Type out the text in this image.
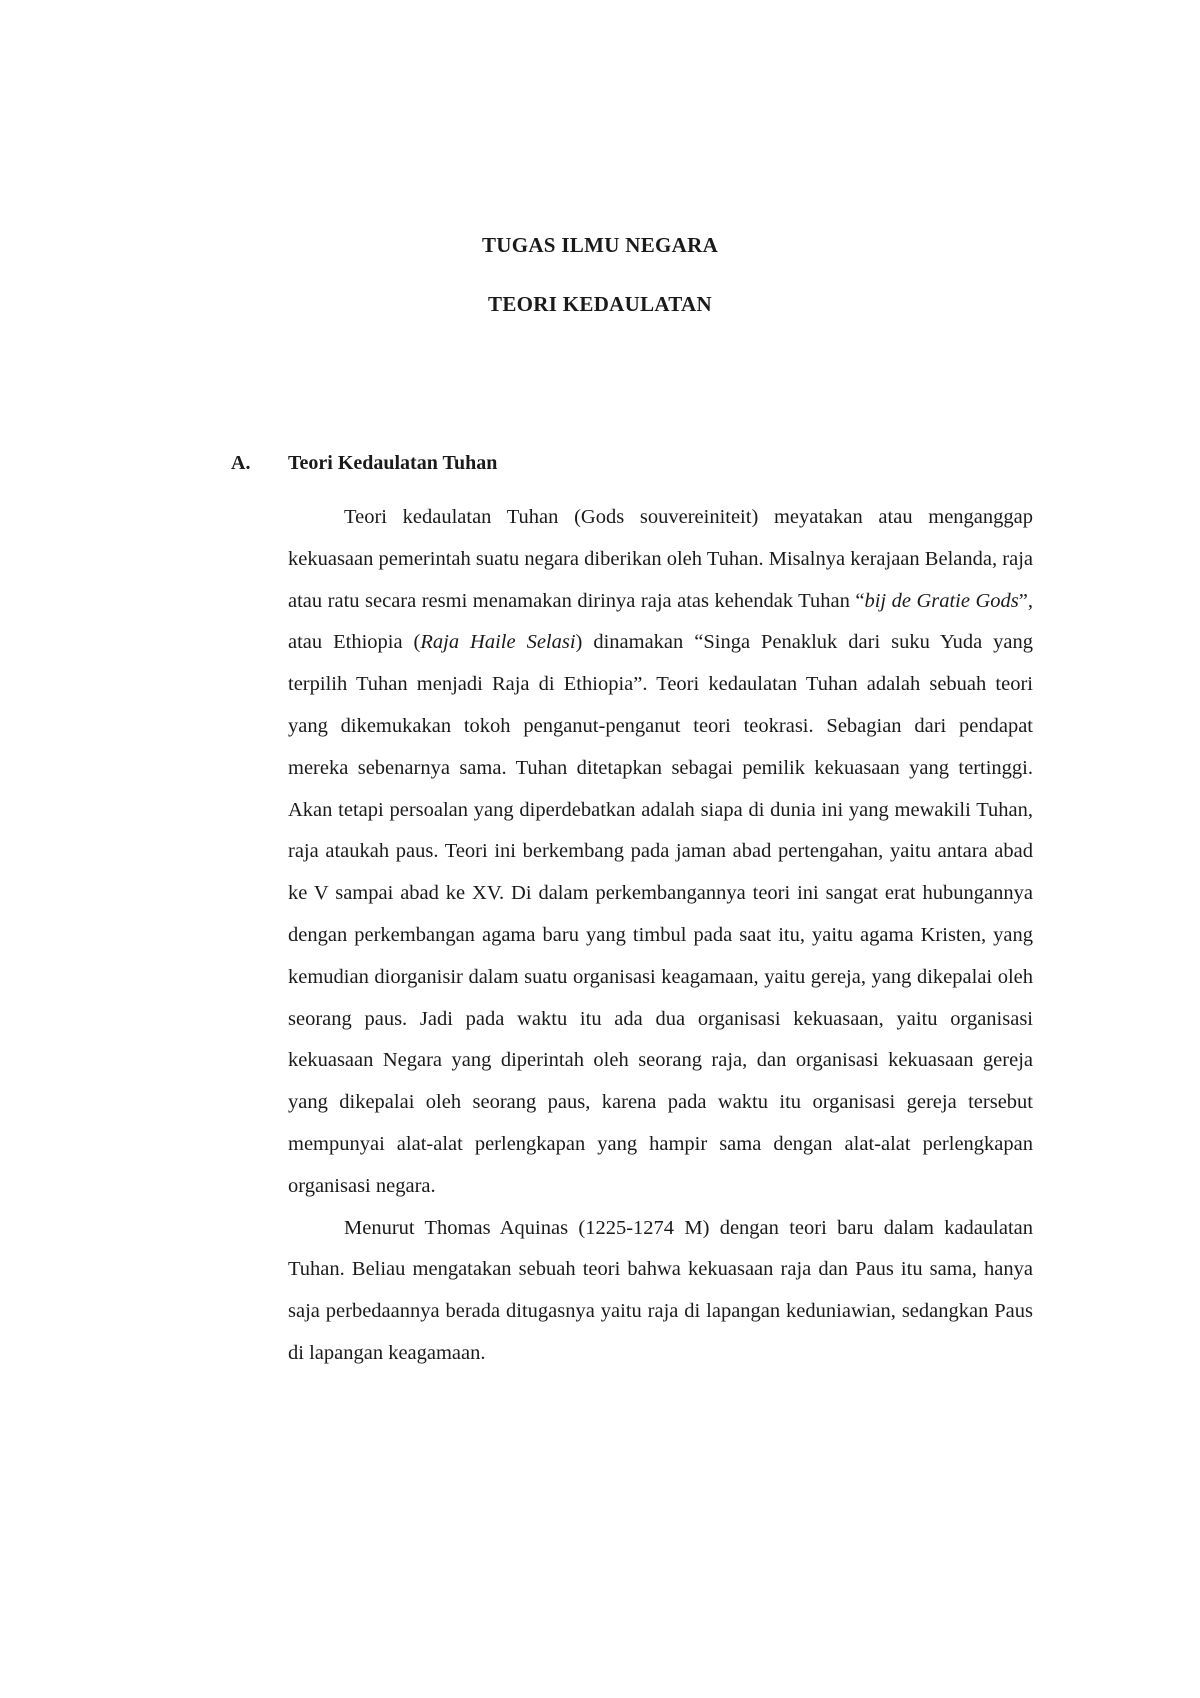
TUGAS ILMU NEGARA
TEORI KEDAULATAN
A. Teori Kedaulatan Tuhan

Teori kedaulatan Tuhan (Gods souvereiniteit) meyatakan atau menganggap kekuasaan pemerintah suatu negara diberikan oleh Tuhan. Misalnya kerajaan Belanda, raja atau ratu secara resmi menamakan dirinya raja atas kehendak Tuhan “bij de Gratie Gods”, atau Ethiopia (Raja Haile Selasi) dinamakan “Singa Penakluk dari suku Yuda yang terpilih Tuhan menjadi Raja di Ethiopia”. Teori kedaulatan Tuhan adalah sebuah teori yang dikemukakan tokoh penganut-penganut teori teokrasi. Sebagian dari pendapat mereka sebenarnya sama. Tuhan ditetapkan sebagai pemilik kekuasaan yang tertinggi. Akan tetapi persoalan yang diperdebatkan adalah siapa di dunia ini yang mewakili Tuhan, raja ataukah paus. Teori ini berkembang pada jaman abad pertengahan, yaitu antara abad ke V sampai abad ke XV. Di dalam perkembangannya teori ini sangat erat hubungannya dengan perkembangan agama baru yang timbul pada saat itu, yaitu agama Kristen, yang kemudian diorganisir dalam suatu organisasi keagamaan, yaitu gereja, yang dikepalai oleh seorang paus. Jadi pada waktu itu ada dua organisasi kekuasaan, yaitu organisasi kekuasaan Negara yang diperintah oleh seorang raja, dan organisasi kekuasaan gereja yang dikepalai oleh seorang paus, karena pada waktu itu organisasi gereja tersebut mempunyai alat-alat perlengkapan yang hampir sama dengan alat-alat perlengkapan organisasi negara.

Menurut Thomas Aquinas (1225-1274 M) dengan teori baru dalam kadaulatan Tuhan. Beliau mengatakan sebuah teori bahwa kekuasaan raja dan Paus itu sama, hanya saja perbedaannya berada ditugasnya yaitu raja di lapangan keduniawian, sedangkan Paus di lapangan keagamaan.
